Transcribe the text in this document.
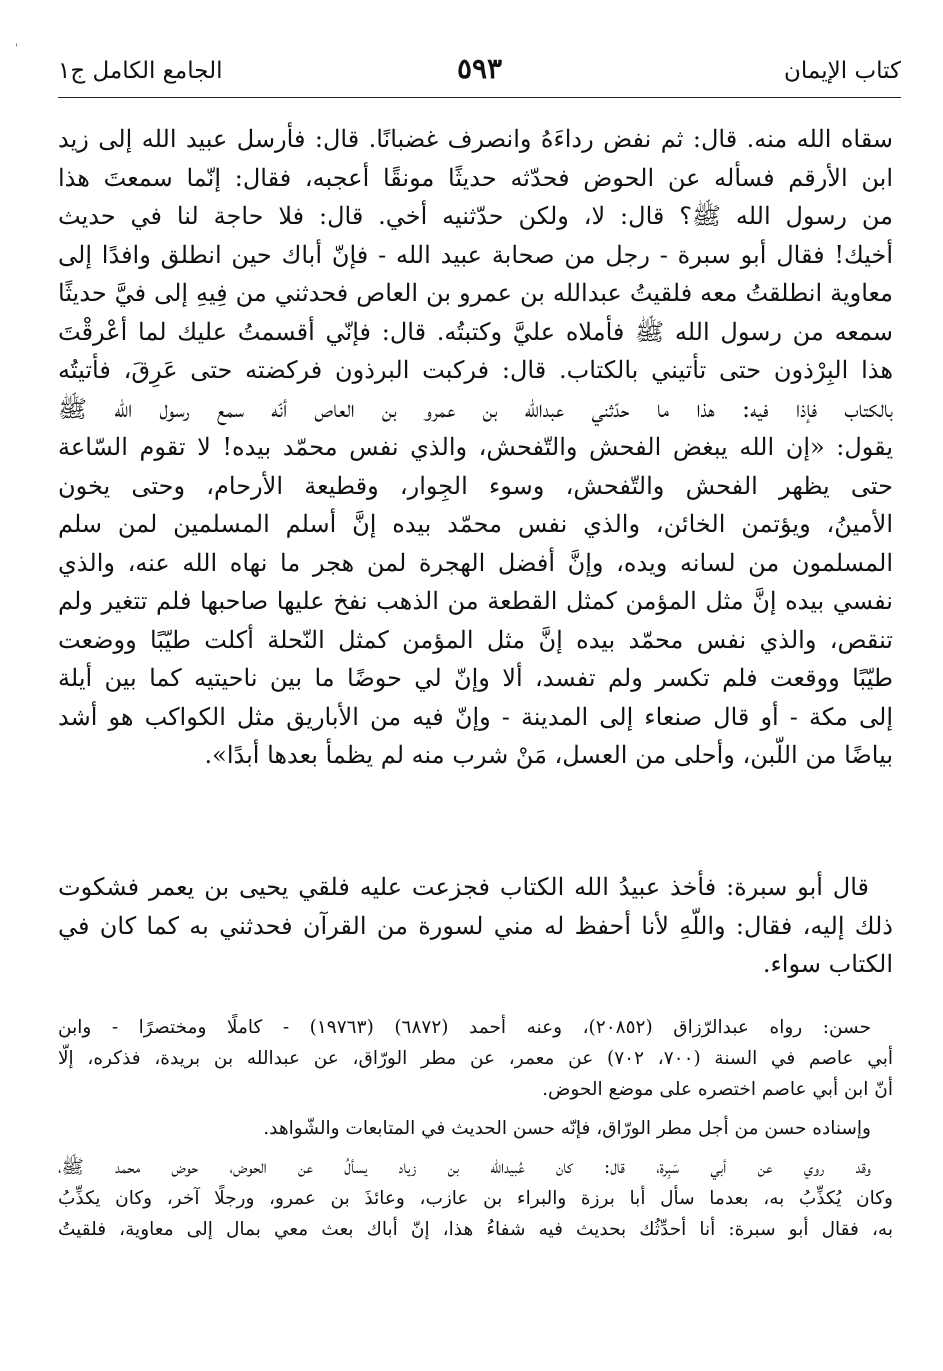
'
كتاب الإيمان
٥٩٣
الجامع الكامل ج١
سقاه الله منه. قال: ثم نفض رداءَهُ وانصرف غضبانًا. قال: فأرسل عبيد الله إلى زيد
ابن الأرقم فسأله عن الحوض فحدّثه حديثًا مونقًا أعجبه، فقال: إنّما سمعتَ هذا
من رسول الله ﷺ؟ قال: لا، ولكن حدّثنيه أخي. قال: فلا حاجة لنا في حديث
أخيك! فقال أبو سبرة - رجل من صحابة عبيد الله - فإنّ أباك حين انطلق وافدًا إلى
معاوية انطلقتُ معه فلقيتُ عبدالله بن عمرو بن العاص فحدثني من فِيهِ إلى فيَّ حديثًا
سمعه من رسول الله ﷺ فأملاه عليَّ وكتبتُه. قال: فإنّي أقسمتُ عليك لما أعْرقْتَ
هذا البِرْذون حتى تأتيني بالكتاب. قال: فركبت البرذون فركضته حتى عَرِقَ، فأتيتُه
بالكتاب فإذا فيه: هذا ما حدّثني عبدالله بن عمرو بن العاص أنّه سمع رسول الله ﷺ
يقول: «إن الله يبغض الفحش والتّفحش، والذي نفس محمّد بيده! لا تقوم السّاعة
حتى يظهر الفحش والتّفحش، وسوء الجِوار، وقطيعة الأرحام، وحتى يخون
الأمينُ، ويؤتمن الخائن، والذي نفس محمّد بيده إنَّ أسلم المسلمين لمن سلم
المسلمون من لسانه ويده، وإنَّ أفضل الهجرة لمن هجر ما نهاه الله عنه، والذي
نفسي بيده إنَّ مثل المؤمن كمثل القطعة من الذهب نفخ عليها صاحبها فلم تتغير ولم
تنقص، والذي نفس محمّد بيده إنَّ مثل المؤمن كمثل النّحلة أكلت طيّبًا ووضعت
طيّبًا ووقعت فلم تكسر ولم تفسد، ألا وإنّ لي حوضًا ما بين ناحيتيه كما بين أيلة
إلى مكة - أو قال صنعاء إلى المدينة - وإنّ فيه من الأباريق مثل الكواكب هو أشد
بياضًا من اللّبن، وأحلى من العسل، مَنْ شرب منه لم يظمأ بعدها أبدًا».
قال أبو سبرة: فأخذ عبيدُ الله الكتاب فجزعت عليه فلقي يحيى بن يعمر فشكوت
ذلك إليه، فقال: واللّهِ لأنا أحفظ له مني لسورة من القرآن فحدثني به كما كان في
الكتاب سواء.
حسن: رواه عبدالرّزاق (٢٠٨٥٢)، وعنه أحمد (٦٨٧٢) (١٩٧٦٣) - كاملًا ومختصرًا - وابن
أبي عاصم في السنة (٧٠٠، ٧٠٢) عن معمر، عن مطر الورّاق، عن عبدالله بن بريدة، فذكره، إلّا
أنّ ابن أبي عاصم اختصره على موضع الحوض.
وإسناده حسن من أجل مطر الورّاق، فإنّه حسن الحديث في المتابعات والشّواهد.
وقد روي عن أبي سَبِرة، قال: كان عُبيدالله بن زياد يسألُ عن الحوض، حوض محمد ﷺ،
وكان يُكذِّبُ به، بعدما سأل أبا برزة والبراء بن عازب، وعائذَ بن عمرو، ورجلًا آخر، وكان يكذِّبُ
به، فقال أبو سبرة: أنا أحدِّثُك بحديث فيه شفاءُ هذا، إنّ أباك بعث معي بمال إلى معاوية، فلقيتُ
